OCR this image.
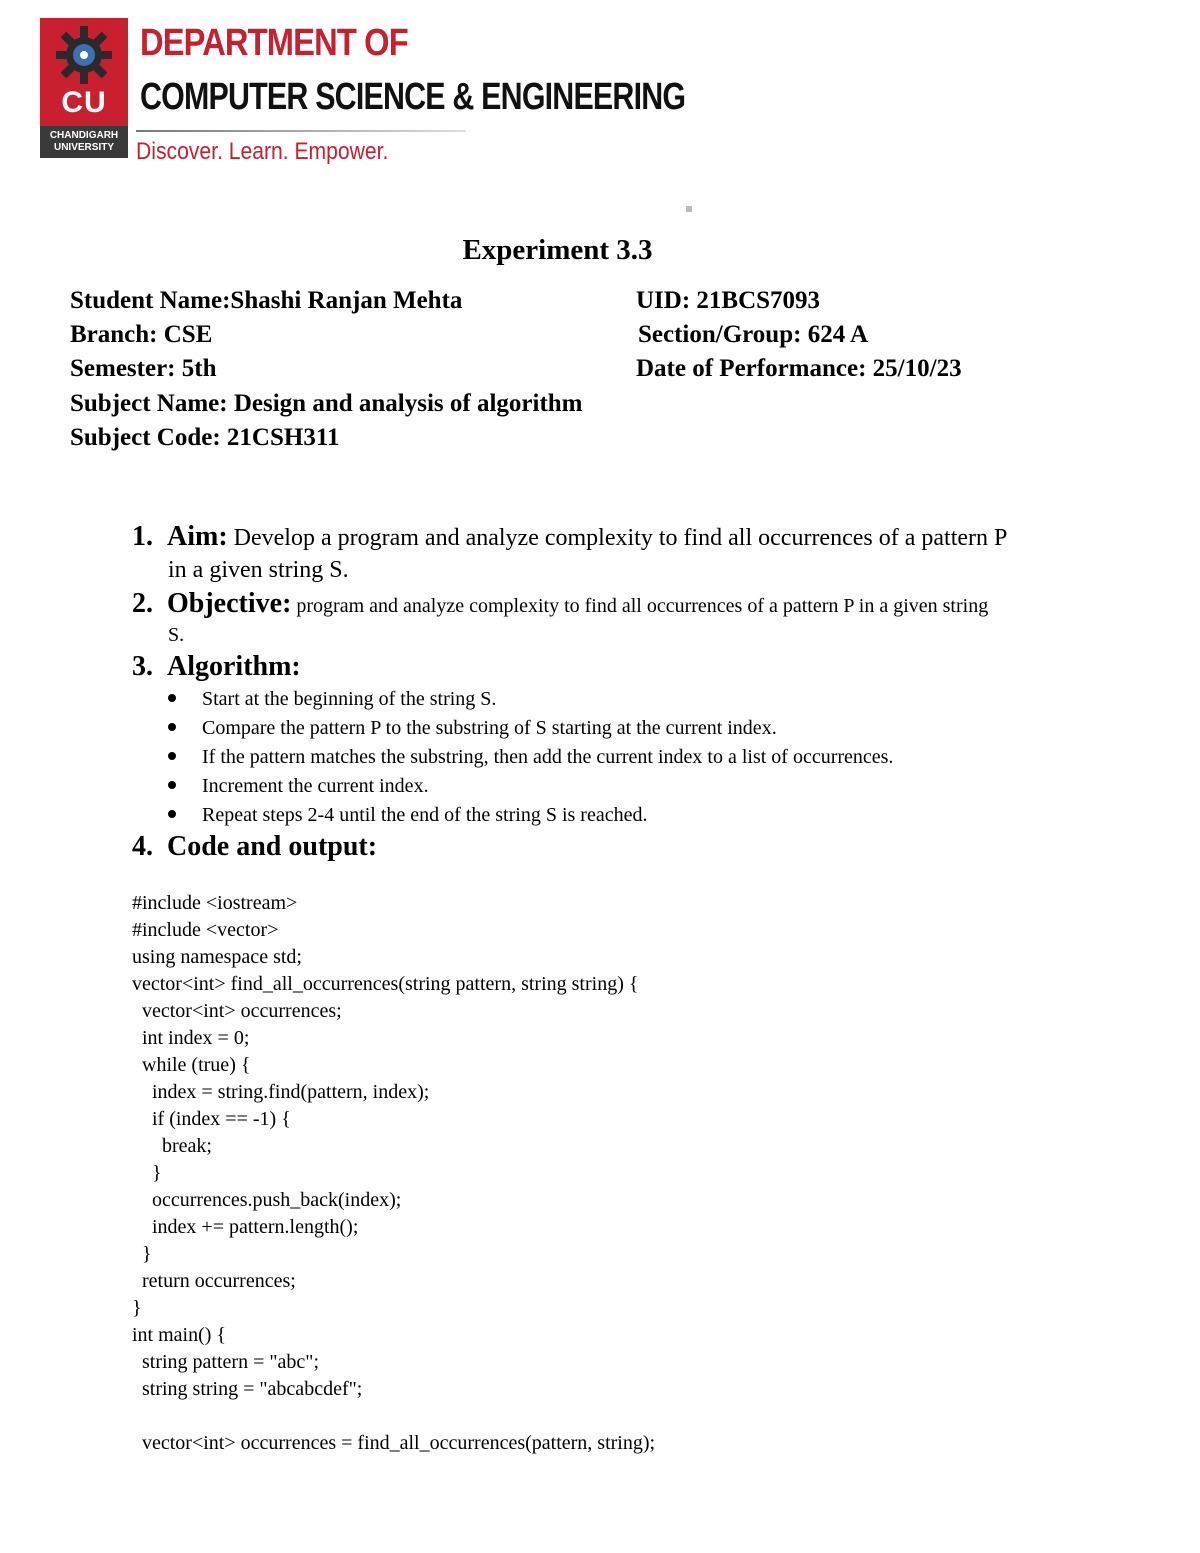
CU
CHANDIGARH
UNIVERSITY
DEPARTMENT OF
COMPUTER SCIENCE & ENGINEERING
Discover. Learn. Empower.
Experiment 3.3
Student Name:Shashi Ranjan Mehta	UID: 21BCS7093
Branch: CSE	Section/Group: 624 A
Semester: 5th	Date of Performance: 25/10/23
Subject Name: Design and analysis of algorithm
Subject Code: 21CSH311
1. Aim: Develop a program and analyze complexity to find all occurrences of a pattern P
in a given string S.
2. Objective: program and analyze complexity to find all occurrences of a pattern P in a given string
S.
3. Algorithm:
Start at the beginning of the string S.
Compare the pattern P to the substring of S starting at the current index.
If the pattern matches the substring, then add the current index to a list of occurrences.
Increment the current index.
Repeat steps 2-4 until the end of the string S is reached.
4. Code and output:
#include <iostream>
#include <vector>
using namespace std;
vector<int> find_all_occurrences(string pattern, string string) {
vector<int> occurrences;
int index = 0;
while (true) {
index = string.find(pattern, index);
if (index == -1) {
break;
}
occurrences.push_back(index);
index += pattern.length();
}
return occurrences;
}
int main() {
string pattern = "abc";
string string = "abcabcdef";
vector<int> occurrences = find_all_occurrences(pattern, string);
